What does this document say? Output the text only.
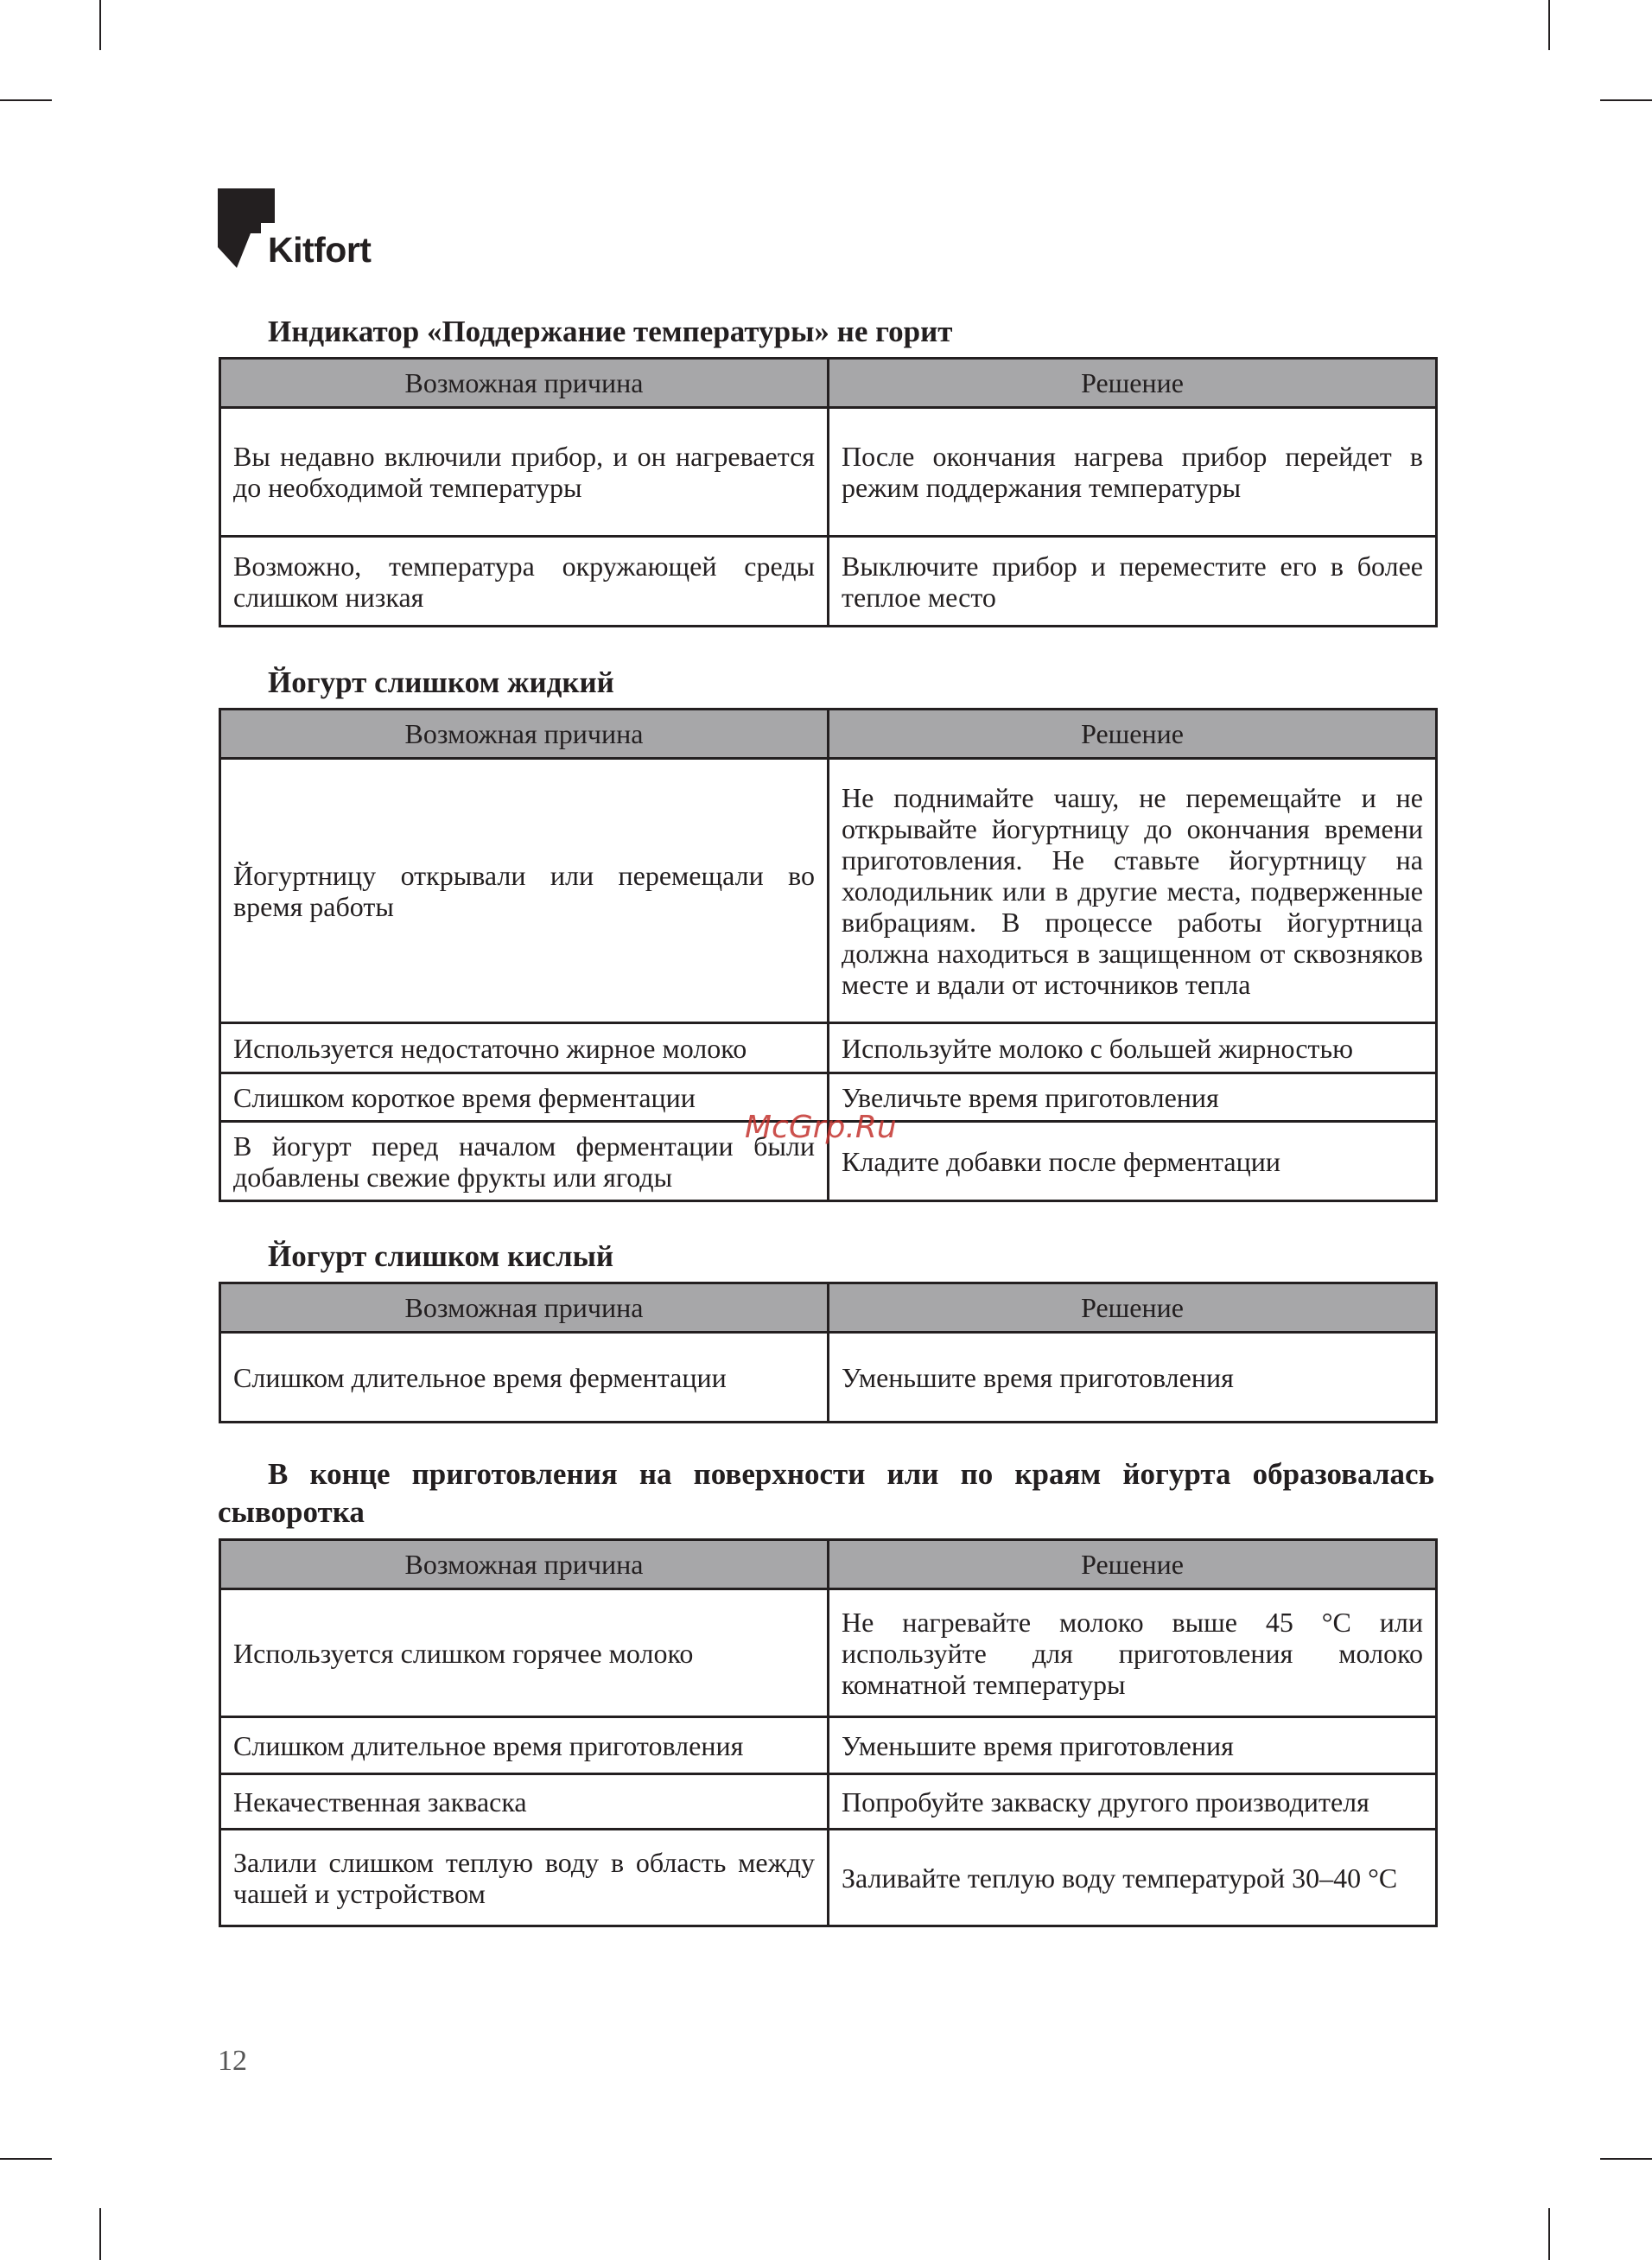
Kitfort
Индикатор «Поддержание температуры» не горит
Возможная причина	Решение
Вы недавно включили прибор, и он нагревается до необходимой температуры	После окончания нагрева прибор перейдет в режим поддержания температуры
Возможно, температура окружающей среды слишком низкая	Выключите прибор и переместите его в более теплое место
Йогурт слишком жидкий
Возможная причина	Решение
Йогуртницу открывали или перемещали во время работы	Не поднимайте чашу, не перемещайте и не открывайте йогуртницу до окончания времени приготовления. Не ставьте йогуртницу на холодильник или в другие места, подверженные вибрациям. В процессе работы йогуртница должна находиться в защищенном от сквозняков месте и вдали от источников тепла
Используется недостаточно жирное молоко	Используйте молоко с большей жирностью
Слишком короткое время ферментации	Увеличьте время приготовления
В йогурт перед началом ферментации были добавлены свежие фрукты или ягоды	Кладите добавки после ферментации
Йогурт слишком кислый
Возможная причина	Решение
Слишком длительное время ферментации	Уменьшите время приготовления
В конце приготовления на поверхности или по краям йогурта образовалась сыворотка
Возможная причина	Решение
Используется слишком горячее молоко	Не нагревайте молоко выше 45 °C или используйте для приготовления молоко комнатной температуры
Слишком длительное время приготовления	Уменьшите время приготовления
Некачественная закваска	Попробуйте закваску другого производителя
Залили слишком теплую воду в область между чашей и устройством	Заливайте теплую воду температурой 30–40 °C
McGrp.Ru
12
